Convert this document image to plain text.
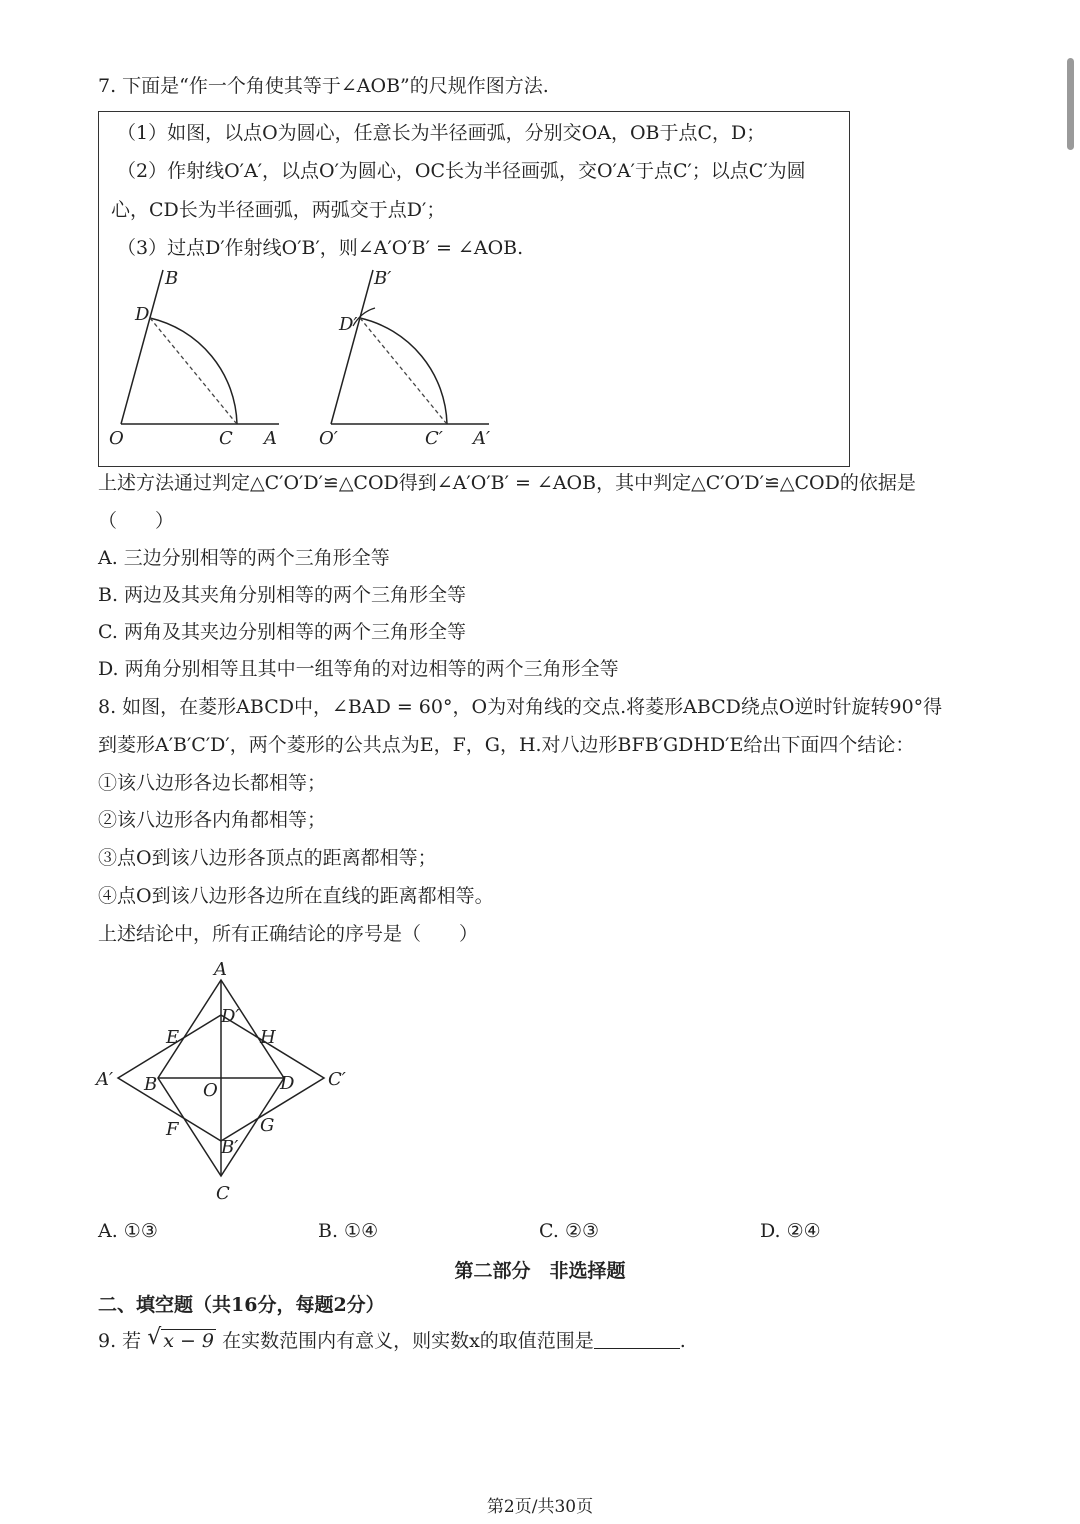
7. 下面是“作一个角使其等于∠AOB”的尺规作图方法.
（1）如图，以点O为圆心，任意长为半径画弧，分别交OA，OB于点C，D；
（2）作射线O′A′，以点O′为圆心，OC长为半径画弧，交O′A′于点C′；以点C′为圆
心，CD长为半径画弧，两弧交于点D′；
（3）过点D′作射线O′B′，则∠A′O′B′ = ∠AOB.
B
D
O	C A
B′
D′
O′	C′ A′
上述方法通过判定△C′O′D′≌△COD得到∠A′O′B′ = ∠AOB，其中判定△C′O′D′≌△COD的依据是
（　　）
A. 三边分别相等的两个三角形全等
B. 两边及其夹角分别相等的两个三角形全等
C. 两角及其夹边分别相等的两个三角形全等
D. 两角分别相等且其中一组等角的对边相等的两个三角形全等
8. 如图，在菱形ABCD中，∠BAD = 60°，O为对角线的交点.将菱形ABCD绕点O逆时针旋转90°得
到菱形A′B′C′D′，两个菱形的公共点为E，F，G，H.对八边形BFB′GDHD′E给出下面四个结论：
①该八边形各边长都相等；
②该八边形各内角都相等；
③点O到该八边形各顶点的距离都相等；
④点O到该八边形各边所在直线的距离都相等。
上述结论中，所有正确结论的序号是（　　）
A
D′
E	H
A′ B	O	D C′
F	G
B′
C
A. ①③	B. ①④	C. ②③	D. ②④
第二部分　非选择题
二、填空题（共16分，每题2分）
9. 若 √ x − 9 在实数范围内有意义，则实数x的取值范围是	.
第2页/共30页
